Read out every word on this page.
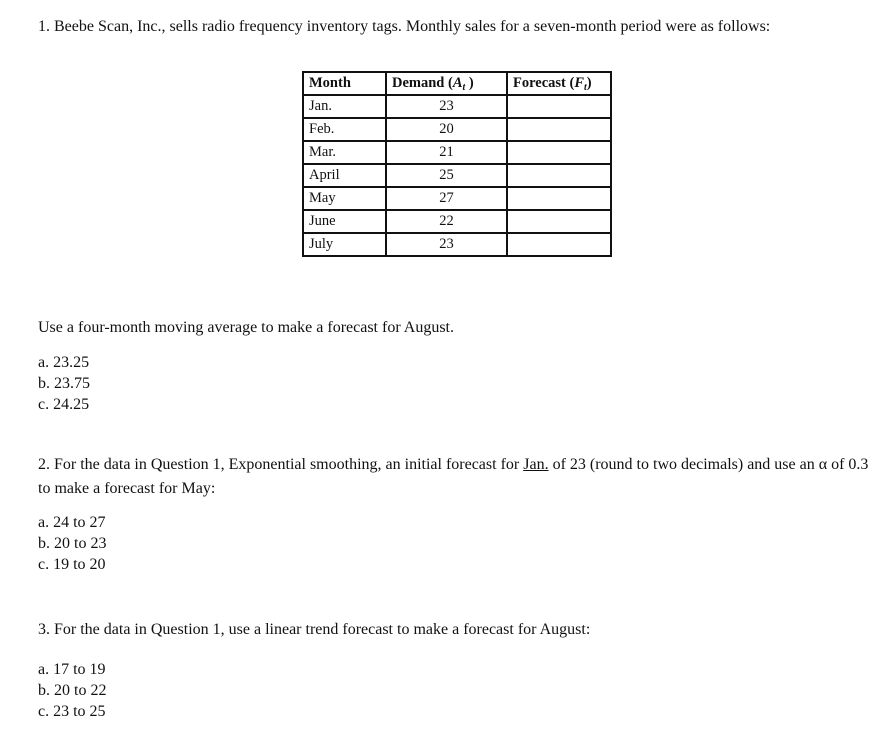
1. Beebe Scan, Inc., sells radio frequency inventory tags. Monthly sales for a seven-month period were as follows:
Month	Demand ($A_t$ )	Forecast $(F_t)$
Jan.	23	
Feb.	20	
Mar.	21	
April	25	
May	27	
June	22	
July	23	
Use a four-month moving average to make a forecast for August.
a. 23.25
b. 23.75
c. 24.25
2. For the data in Question 1, Exponential smoothing, an initial forecast for Jan. of 23 (round to two decimals) and use an α of 0.3 to make a forecast for May:
a. 24 to 27
b. 20 to 23
c. 19 to 20
3. For the data in Question 1, use a linear trend forecast to make a forecast for August:
a. 17 to 19
b. 20 to 22
c. 23 to 25
